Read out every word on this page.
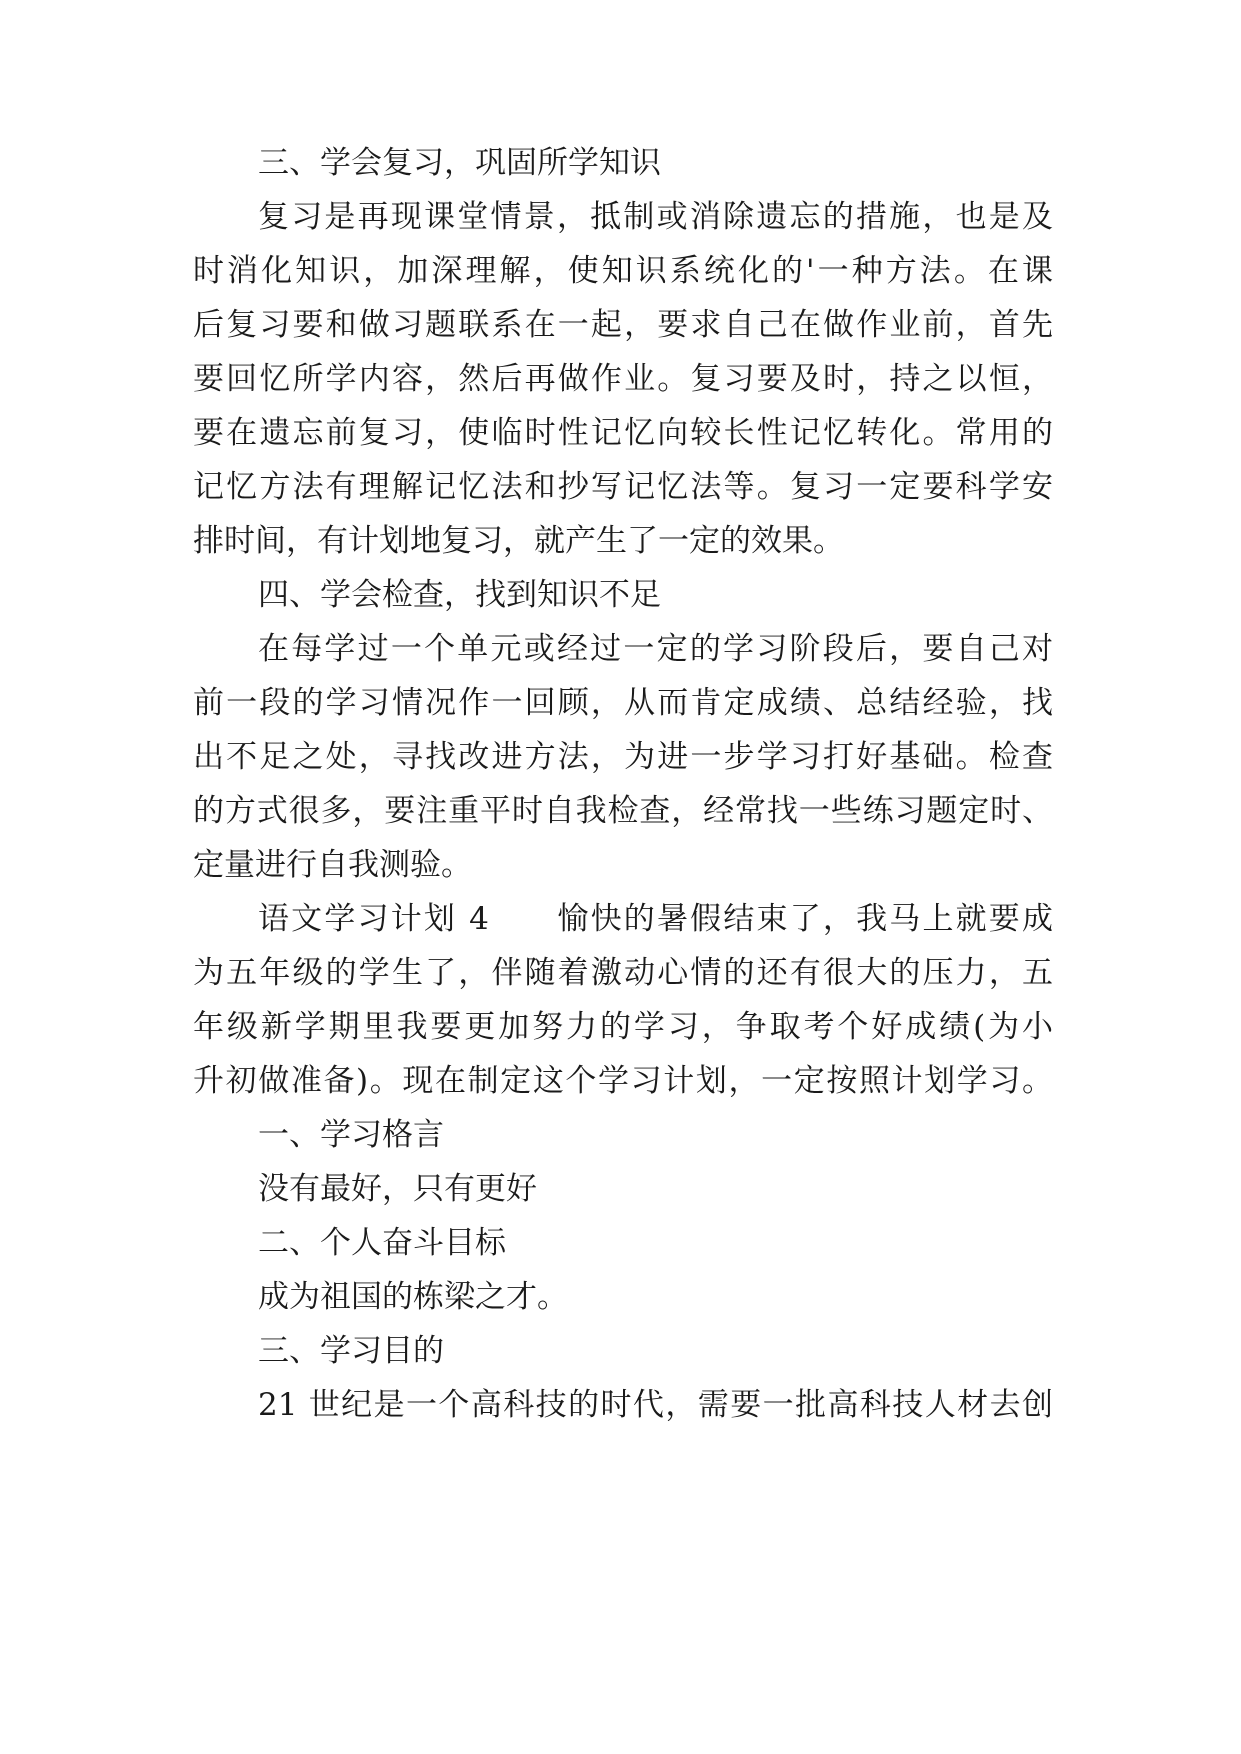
三、学会复习，巩固所学知识
复习是再现课堂情景，抵制或消除遗忘的措施，也是及
时消化知识，加深理解，使知识系统化的'一种方法。在课
后复习要和做习题联系在一起，要求自己在做作业前，首先
要回忆所学内容，然后再做作业。复习要及时，持之以恒，
要在遗忘前复习，使临时性记忆向较长性记忆转化。常用的
记忆方法有理解记忆法和抄写记忆法等。复习一定要科学安
排时间，有计划地复习，就产生了一定的效果。
四、学会检查，找到知识不足
在每学过一个单元或经过一定的学习阶段后，要自己对
前一段的学习情况作一回顾，从而肯定成绩、总结经验，找
出不足之处，寻找改进方法，为进一步学习打好基础。检查
的方式很多，要注重平时自我检查，经常找一些练习题定时、
定量进行自我测验。
语文学习计划 4　　愉快的暑假结束了，我马上就要成
为五年级的学生了，伴随着激动心情的还有很大的压力，五
年级新学期里我要更加努力的学习，争取考个好成绩(为小
升初做准备)。现在制定这个学习计划，一定按照计划学习。
一、学习格言
没有最好，只有更好
二、个人奋斗目标
成为祖国的栋梁之才。
三、学习目的
21 世纪是一个高科技的时代，需要一批高科技人材去创
